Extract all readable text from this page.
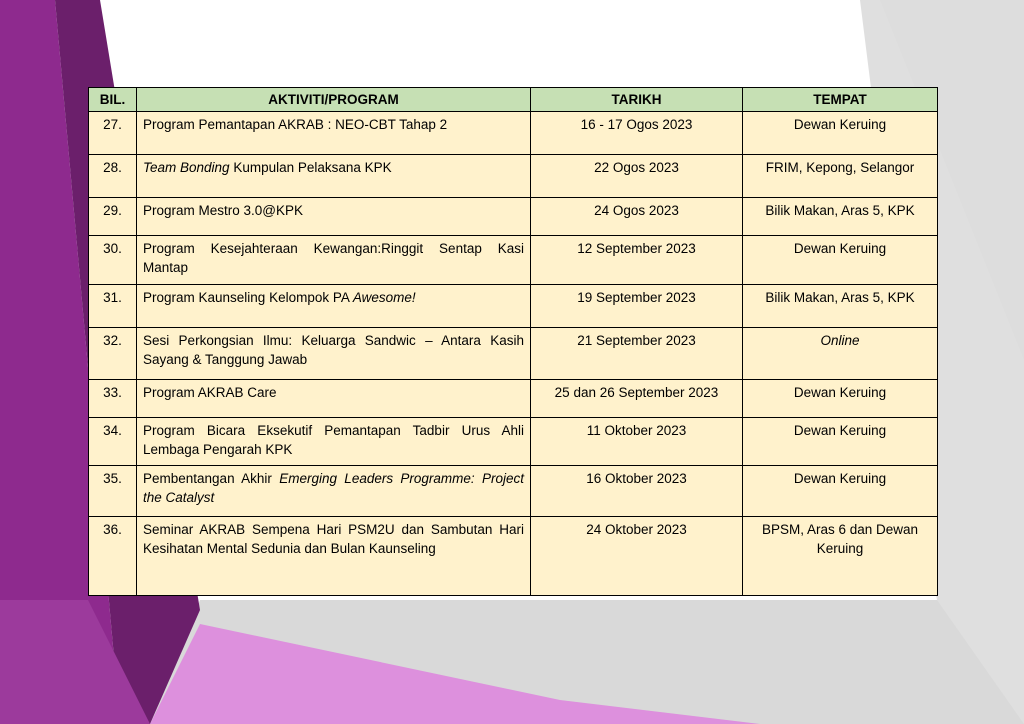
BIL.	AKTIVITI/PROGRAM	TARIKH	TEMPAT
27.	Program Pemantapan AKRAB : NEO-CBT Tahap 2	16 - 17 Ogos 2023	Dewan Keruing
28.	Team Bonding Kumpulan Pelaksana KPK	22 Ogos 2023	FRIM, Kepong, Selangor
29.	Program Mestro 3.0@KPK	24 Ogos 2023	Bilik Makan, Aras 5, KPK
30.	Program Kesejahteraan Kewangan:Ringgit Sentap Kasi Mantap	12 September 2023	Dewan Keruing
31.	Program Kaunseling Kelompok PA Awesome!	19 September 2023	Bilik Makan, Aras 5, KPK
32.	Sesi Perkongsian Ilmu: Keluarga Sandwic – Antara Kasih Sayang & Tanggung Jawab	21 September 2023	Online
33.	Program AKRAB Care	25 dan 26 September 2023	Dewan Keruing
34.	Program Bicara Eksekutif Pemantapan Tadbir Urus Ahli Lembaga Pengarah KPK	11 Oktober 2023	Dewan Keruing
35.	Pembentangan Akhir Emerging Leaders Programme: Project the Catalyst	16 Oktober 2023	Dewan Keruing
36.	Seminar AKRAB Sempena Hari PSM2U dan Sambutan Hari Kesihatan Mental Sedunia dan Bulan Kaunseling	24 Oktober 2023	BPSM, Aras 6 dan Dewan Keruing
